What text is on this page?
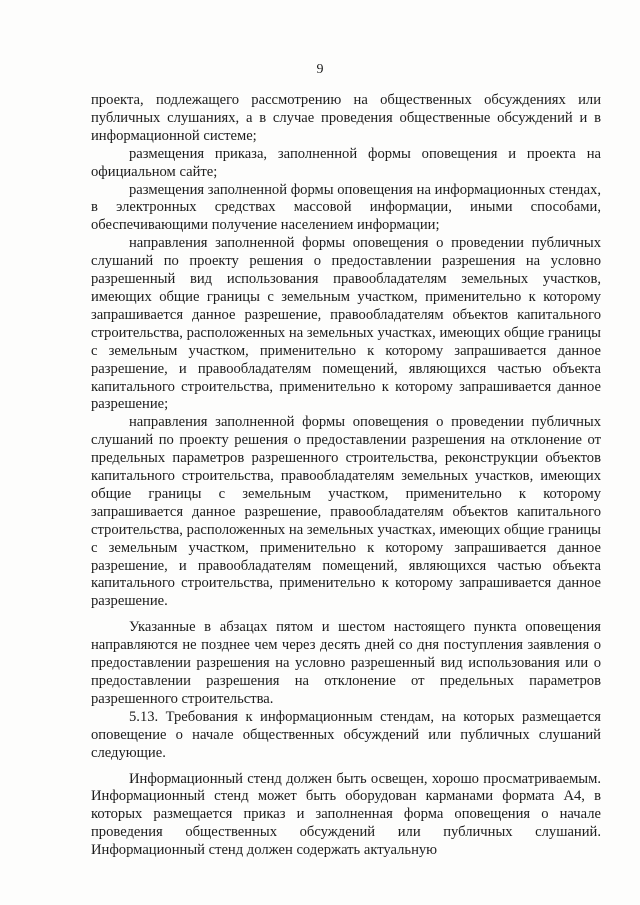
9

проекта, подлежащего рассмотрению на общественных обсуждениях или публичных слушаниях, а в случае проведения общественные обсуждений и в информационной системе;

размещения приказа, заполненной формы оповещения и проекта на официальном сайте;

размещения заполненной формы оповещения на информационных стендах, в электронных средствах массовой информации, иными способами, обеспечивающими получение населением информации;

направления заполненной формы оповещения о проведении публичных слушаний по проекту решения о предоставлении разрешения на условно разрешенный вид использования правообладателям земельных участков, имеющих общие границы с земельным участком, применительно к которому запрашивается данное разрешение, правообладателям объектов капитального строительства, расположенных на земельных участках, имеющих общие границы с земельным участком, применительно к которому запрашивается данное разрешение, и правообладателям помещений, являющихся частью объекта капитального строительства, применительно к которому запрашивается данное разрешение;

направления заполненной формы оповещения о проведении публичных слушаний по проекту решения о предоставлении разрешения на отклонение от предельных параметров разрешенного строительства, реконструкции объектов капитального строительства, правообладателям земельных участков, имеющих общие границы с земельным участком, применительно к которому запрашивается данное разрешение, правообладателям объектов капитального строительства, расположенных на земельных участках, имеющих общие границы с земельным участком, применительно к которому запрашивается данное разрешение, и правообладателям помещений, являющихся частью объекта капитального строительства, применительно к которому запрашивается данное разрешение.

Указанные в абзацах пятом и шестом настоящего пункта оповещения направляются не позднее чем через десять дней со дня поступления заявления о предоставлении разрешения на условно разрешенный вид использования или о предоставлении разрешения на отклонение от предельных параметров разрешенного строительства.

5.13. Требования к информационным стендам, на которых размещается оповещение о начале общественных обсуждений или публичных слушаний следующие.

Информационный стенд должен быть освещен, хорошо просматриваемым. Информационный стенд может быть оборудован карманами формата А4, в которых размещается приказ и заполненная форма оповещения о начале проведения общественных обсуждений или публичных слушаний. Информационный стенд должен содержать актуальную
